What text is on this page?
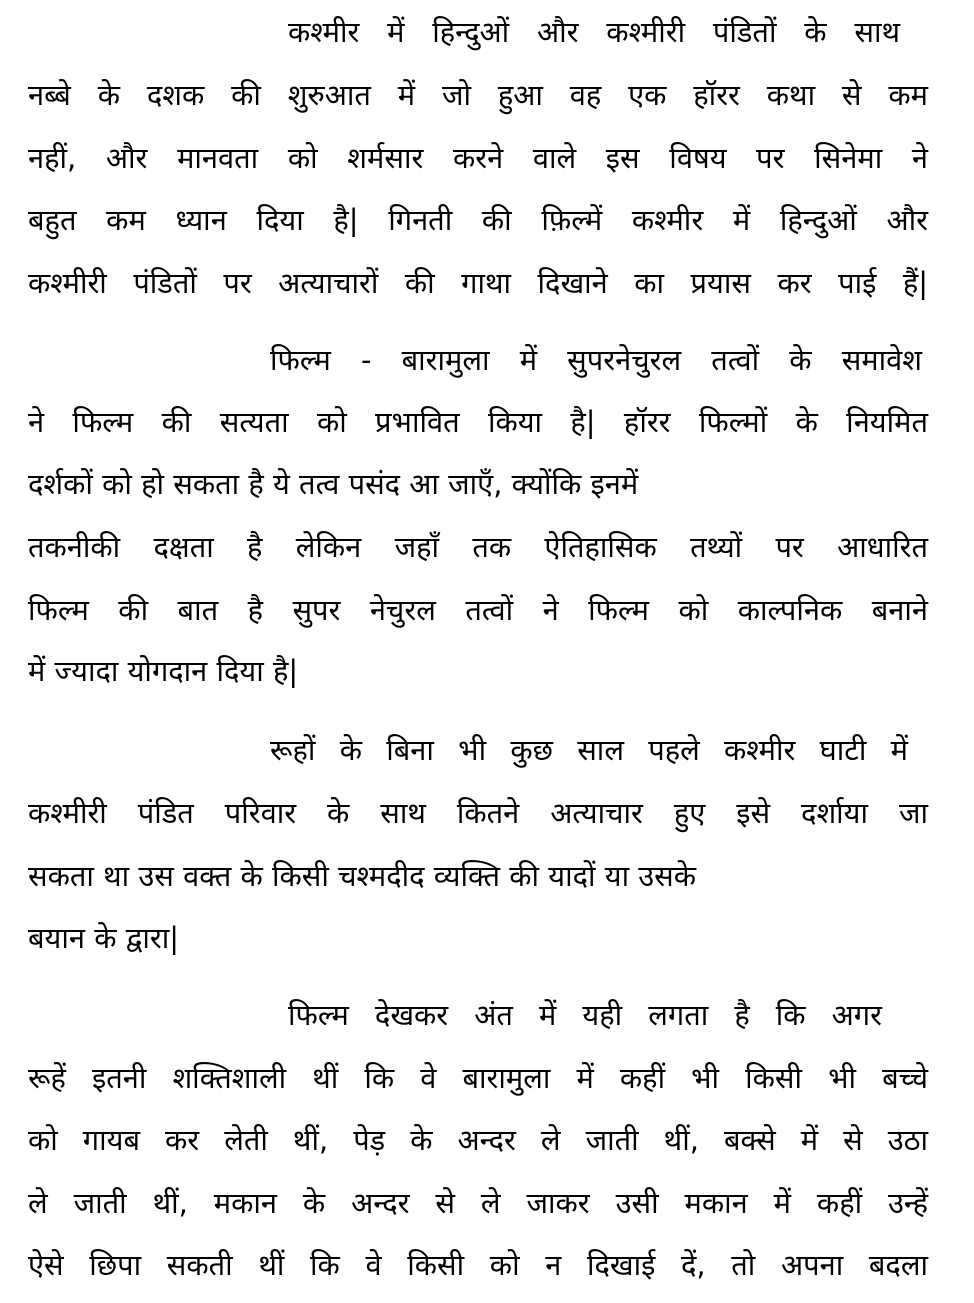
कश्मीर में हिन्दुओं और कश्मीरी पंडितों के साथ
नब्बे के दशक की शुरुआत में जो हुआ वह एक हॉरर कथा से कम
नहीं, और मानवता को शर्मसार करने वाले इस विषय पर सिनेमा ने
बहुत कम ध्यान दिया है| गिनती की फ़िल्में कश्मीर में हिन्दुओं और
कश्मीरी पंडितों पर अत्याचारों की गाथा दिखाने का प्रयास कर पाई हैं|
फिल्म - बारामुला में सुपरनेचुरल तत्वों के समावेश
ने फिल्म की सत्यता को प्रभावित किया है| हॉरर फिल्मों के नियमित
दर्शकों को हो सकता है ये तत्व पसंद आ जाएँ, क्योंकि इनमें
तकनीकी दक्षता है लेकिन जहाँ तक ऐतिहासिक तथ्यों पर आधारित
फिल्म की बात है सुपर नेचुरल तत्वों ने फिल्म को काल्पनिक बनाने
में ज्यादा योगदान दिया है|
रूहों के बिना भी कुछ साल पहले कश्मीर घाटी में
कश्मीरी पंडित परिवार के साथ कितने अत्याचार हुए इसे दर्शाया जा
सकता था उस वक्त के किसी चश्मदीद व्यक्ति की यादों या उसके
बयान के द्वारा|
फिल्म देखकर अंत में यही लगता है कि अगर
रूहें इतनी शक्तिशाली थीं कि वे बारामुला में कहीं भी किसी भी बच्चे
को गायब कर लेती थीं, पेड़ के अन्दर ले जाती थीं, बक्से में से उठा
ले जाती थीं, मकान के अन्दर से ले जाकर उसी मकान में कहीं उन्हें
ऐसे छिपा सकती थीं कि वे किसी को न दिखाई दें, तो अपना बदला
